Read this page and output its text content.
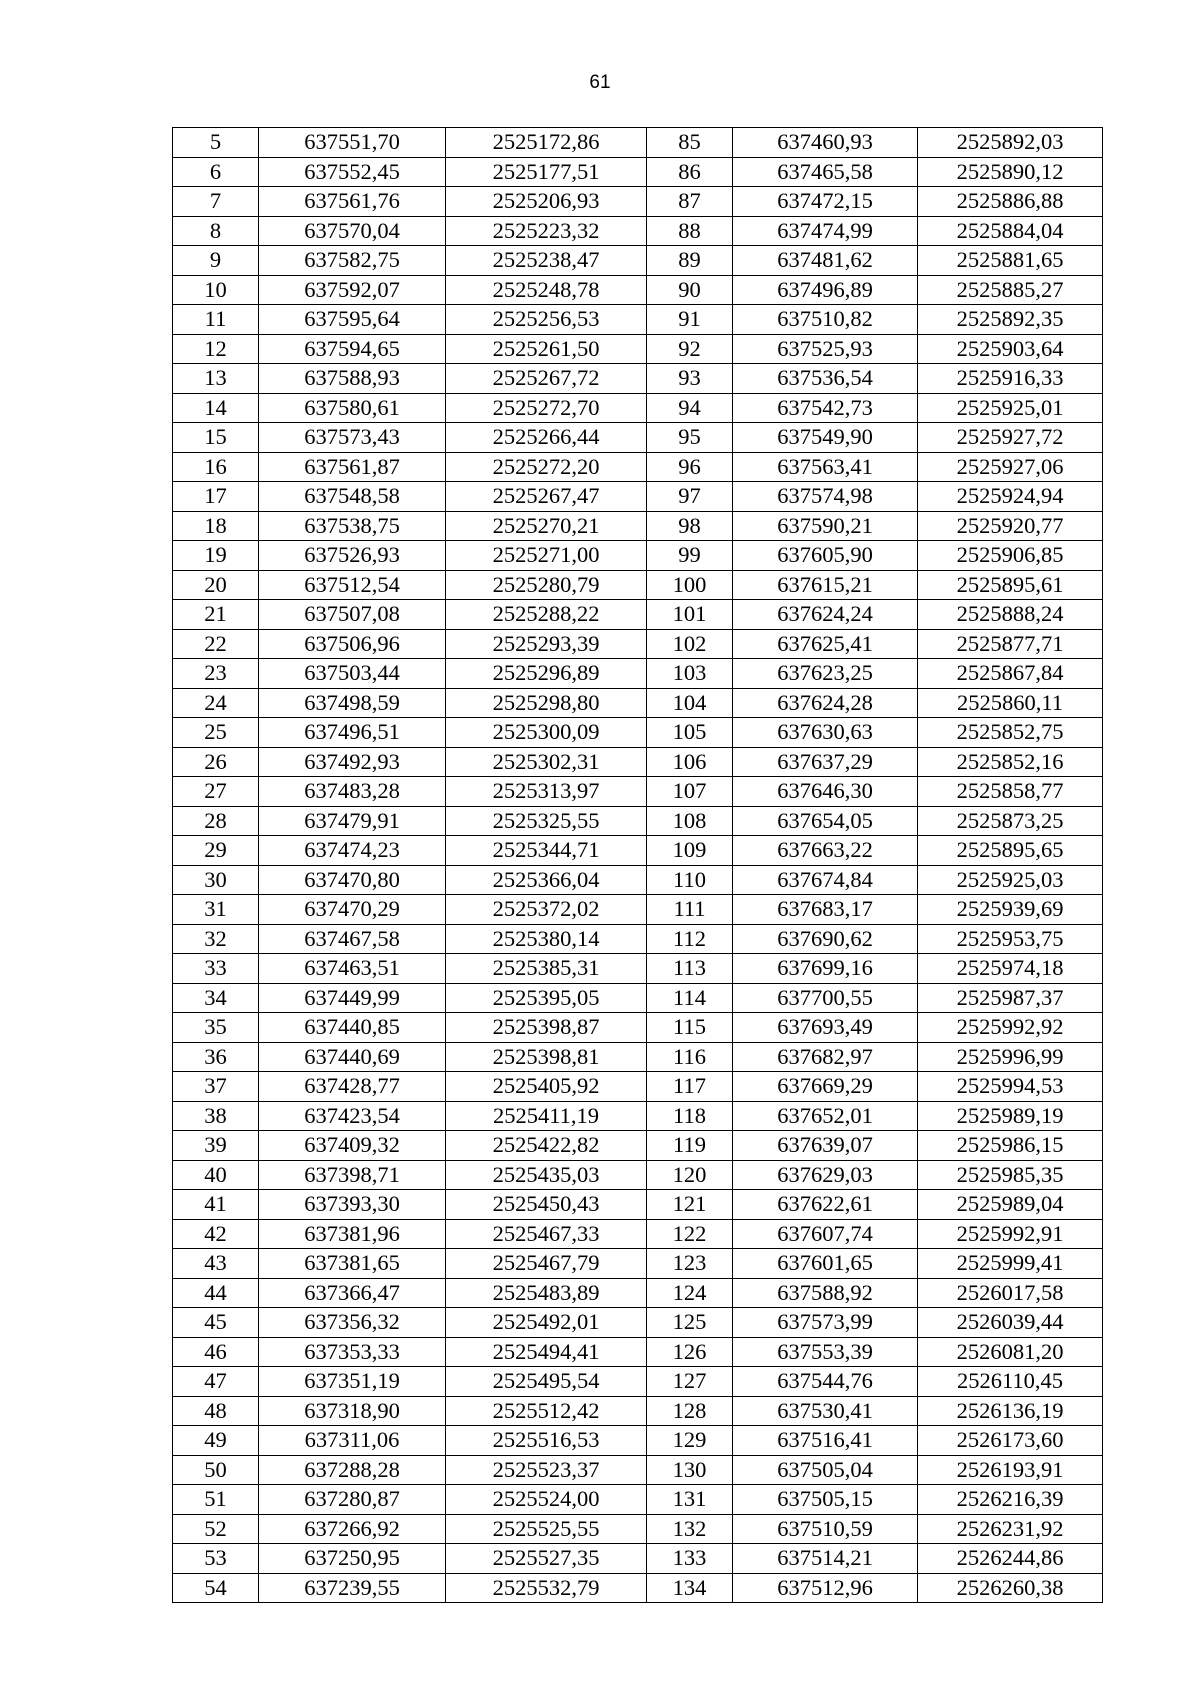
61
5	637551,70	2525172,86	85	637460,93	2525892,03
6	637552,45	2525177,51	86	637465,58	2525890,12
7	637561,76	2525206,93	87	637472,15	2525886,88
8	637570,04	2525223,32	88	637474,99	2525884,04
9	637582,75	2525238,47	89	637481,62	2525881,65
10	637592,07	2525248,78	90	637496,89	2525885,27
11	637595,64	2525256,53	91	637510,82	2525892,35
12	637594,65	2525261,50	92	637525,93	2525903,64
13	637588,93	2525267,72	93	637536,54	2525916,33
14	637580,61	2525272,70	94	637542,73	2525925,01
15	637573,43	2525266,44	95	637549,90	2525927,72
16	637561,87	2525272,20	96	637563,41	2525927,06
17	637548,58	2525267,47	97	637574,98	2525924,94
18	637538,75	2525270,21	98	637590,21	2525920,77
19	637526,93	2525271,00	99	637605,90	2525906,85
20	637512,54	2525280,79	100	637615,21	2525895,61
21	637507,08	2525288,22	101	637624,24	2525888,24
22	637506,96	2525293,39	102	637625,41	2525877,71
23	637503,44	2525296,89	103	637623,25	2525867,84
24	637498,59	2525298,80	104	637624,28	2525860,11
25	637496,51	2525300,09	105	637630,63	2525852,75
26	637492,93	2525302,31	106	637637,29	2525852,16
27	637483,28	2525313,97	107	637646,30	2525858,77
28	637479,91	2525325,55	108	637654,05	2525873,25
29	637474,23	2525344,71	109	637663,22	2525895,65
30	637470,80	2525366,04	110	637674,84	2525925,03
31	637470,29	2525372,02	111	637683,17	2525939,69
32	637467,58	2525380,14	112	637690,62	2525953,75
33	637463,51	2525385,31	113	637699,16	2525974,18
34	637449,99	2525395,05	114	637700,55	2525987,37
35	637440,85	2525398,87	115	637693,49	2525992,92
36	637440,69	2525398,81	116	637682,97	2525996,99
37	637428,77	2525405,92	117	637669,29	2525994,53
38	637423,54	2525411,19	118	637652,01	2525989,19
39	637409,32	2525422,82	119	637639,07	2525986,15
40	637398,71	2525435,03	120	637629,03	2525985,35
41	637393,30	2525450,43	121	637622,61	2525989,04
42	637381,96	2525467,33	122	637607,74	2525992,91
43	637381,65	2525467,79	123	637601,65	2525999,41
44	637366,47	2525483,89	124	637588,92	2526017,58
45	637356,32	2525492,01	125	637573,99	2526039,44
46	637353,33	2525494,41	126	637553,39	2526081,20
47	637351,19	2525495,54	127	637544,76	2526110,45
48	637318,90	2525512,42	128	637530,41	2526136,19
49	637311,06	2525516,53	129	637516,41	2526173,60
50	637288,28	2525523,37	130	637505,04	2526193,91
51	637280,87	2525524,00	131	637505,15	2526216,39
52	637266,92	2525525,55	132	637510,59	2526231,92
53	637250,95	2525527,35	133	637514,21	2526244,86
54	637239,55	2525532,79	134	637512,96	2526260,38
